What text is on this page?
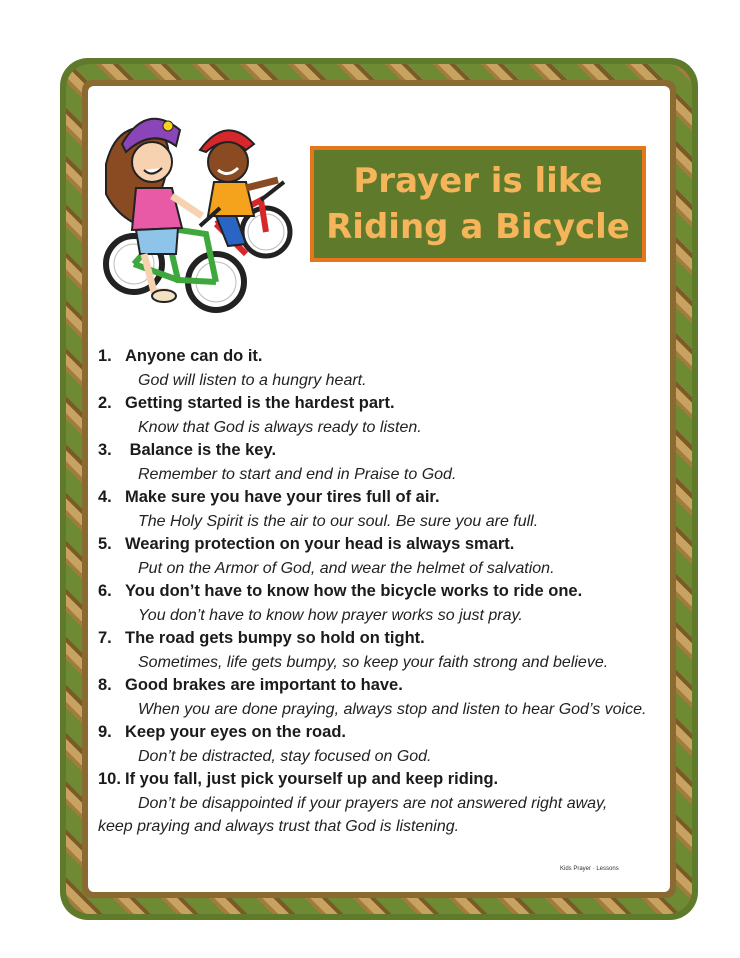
Prayer is like
Riding a Bicycle
1. Anyone can do it.
God will listen to a hungry heart.
2. Getting started is the hardest part.
Know that God is always ready to listen.
3. Balance is the key.
Remember to start and end in Praise to God.
4. Make sure you have your tires full of air.
The Holy Spirit is the air to our soul. Be sure you are full.
5. Wearing protection on your head is always smart.
Put on the Armor of God, and wear the helmet of salvation.
6. You don’t have to know how the bicycle works to ride one.
You don’t have to know how prayer works so just pray.
7. The road gets bumpy so hold on tight.
Sometimes, life gets bumpy, so keep your faith strong and believe.
8. Good brakes are important to have.
When you are done praying, always stop and listen to hear God’s voice.
9. Keep your eyes on the road.
Don’t be distracted, stay focused on God.
10. If you fall, just pick yourself up and keep riding.
Don’t be disappointed if your prayers are not answered right away,
keep praying and always trust that God is listening.
Kids Prayer · Lessons
